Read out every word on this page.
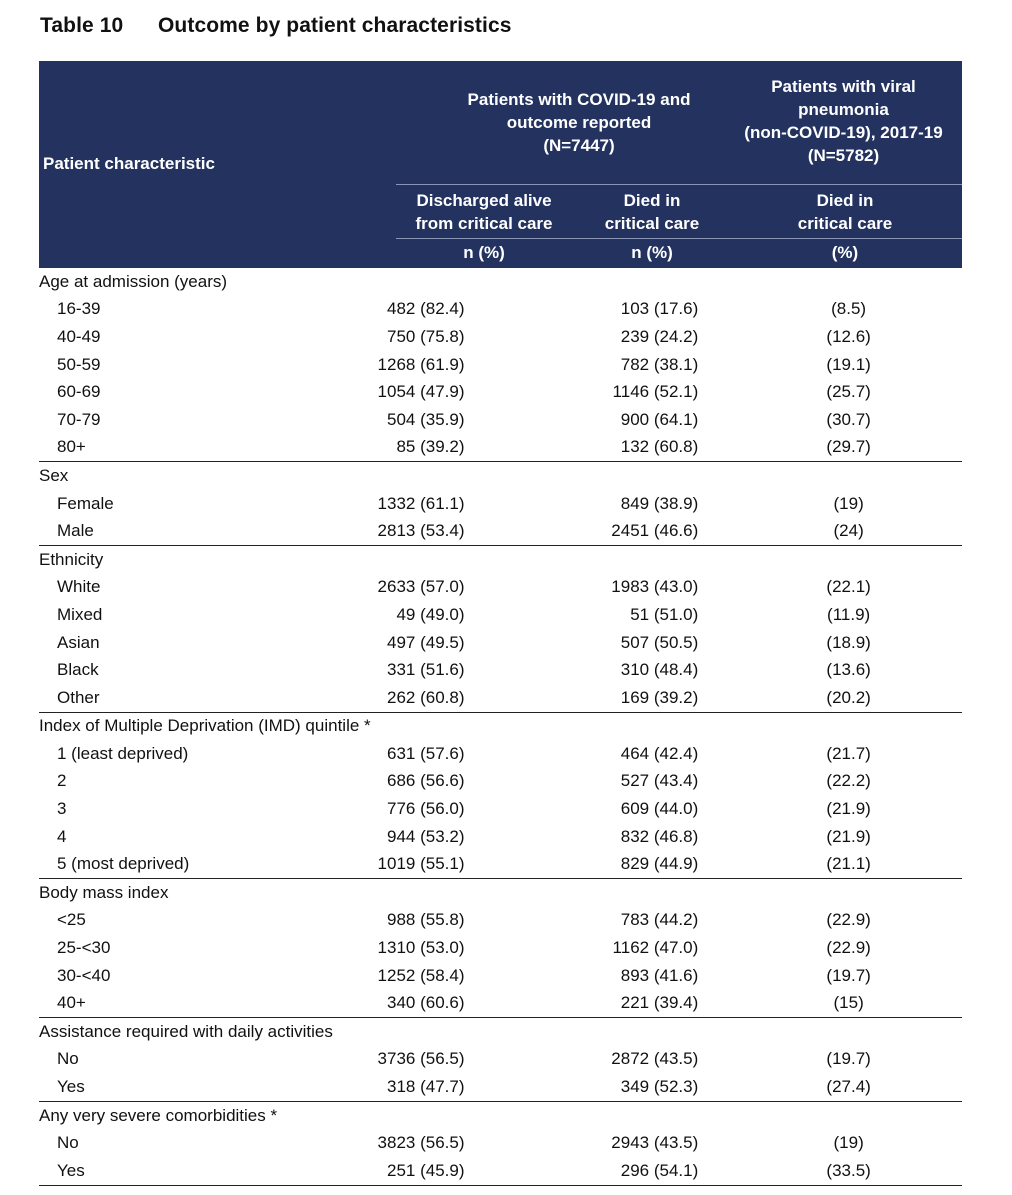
Table 10 Outcome by patient characteristics
Patient characteristic
Patients with COVID-19 and
outcome reported
(N=7447)
Patients with viral
pneumonia
(non-COVID-19), 2017-19
(N=5782)
Discharged alive
from critical care
Died in
critical care
Died in
critical care
n (%)	n (%)	(%)
Age at admission (years)			
16-39	482 (82.4)	103 (17.6)	(8.5)
40-49	750 (75.8)	239 (24.2)	(12.6)
50-59	1268 (61.9)	782 (38.1)	(19.1)
60-69	1054 (47.9)	1146 (52.1)	(25.7)
70-79	504 (35.9)	900 (64.1)	(30.7)
80+	85 (39.2)	132 (60.8)	(29.7)
Sex			
Female	1332 (61.1)	849 (38.9)	(19)
Male	2813 (53.4)	2451 (46.6)	(24)
Ethnicity			
White	2633 (57.0)	1983 (43.0)	(22.1)
Mixed	49 (49.0)	51 (51.0)	(11.9)
Asian	497 (49.5)	507 (50.5)	(18.9)
Black	331 (51.6)	310 (48.4)	(13.6)
Other	262 (60.8)	169 (39.2)	(20.2)
Index of Multiple Deprivation (IMD) quintile *			
1 (least deprived)	631 (57.6)	464 (42.4)	(21.7)
2	686 (56.6)	527 (43.4)	(22.2)
3	776 (56.0)	609 (44.0)	(21.9)
4	944 (53.2)	832 (46.8)	(21.9)
5 (most deprived)	1019 (55.1)	829 (44.9)	(21.1)
Body mass index			
<25	988 (55.8)	783 (44.2)	(22.9)
25-<30	1310 (53.0)	1162 (47.0)	(22.9)
30-<40	1252 (58.4)	893 (41.6)	(19.7)
40+	340 (60.6)	221 (39.4)	(15)
Assistance required with daily activities			
No	3736 (56.5)	2872 (43.5)	(19.7)
Yes	318 (47.7)	349 (52.3)	(27.4)
Any very severe comorbidities *			
No	3823 (56.5)	2943 (43.5)	(19)
Yes	251 (45.9)	296 (54.1)	(33.5)
